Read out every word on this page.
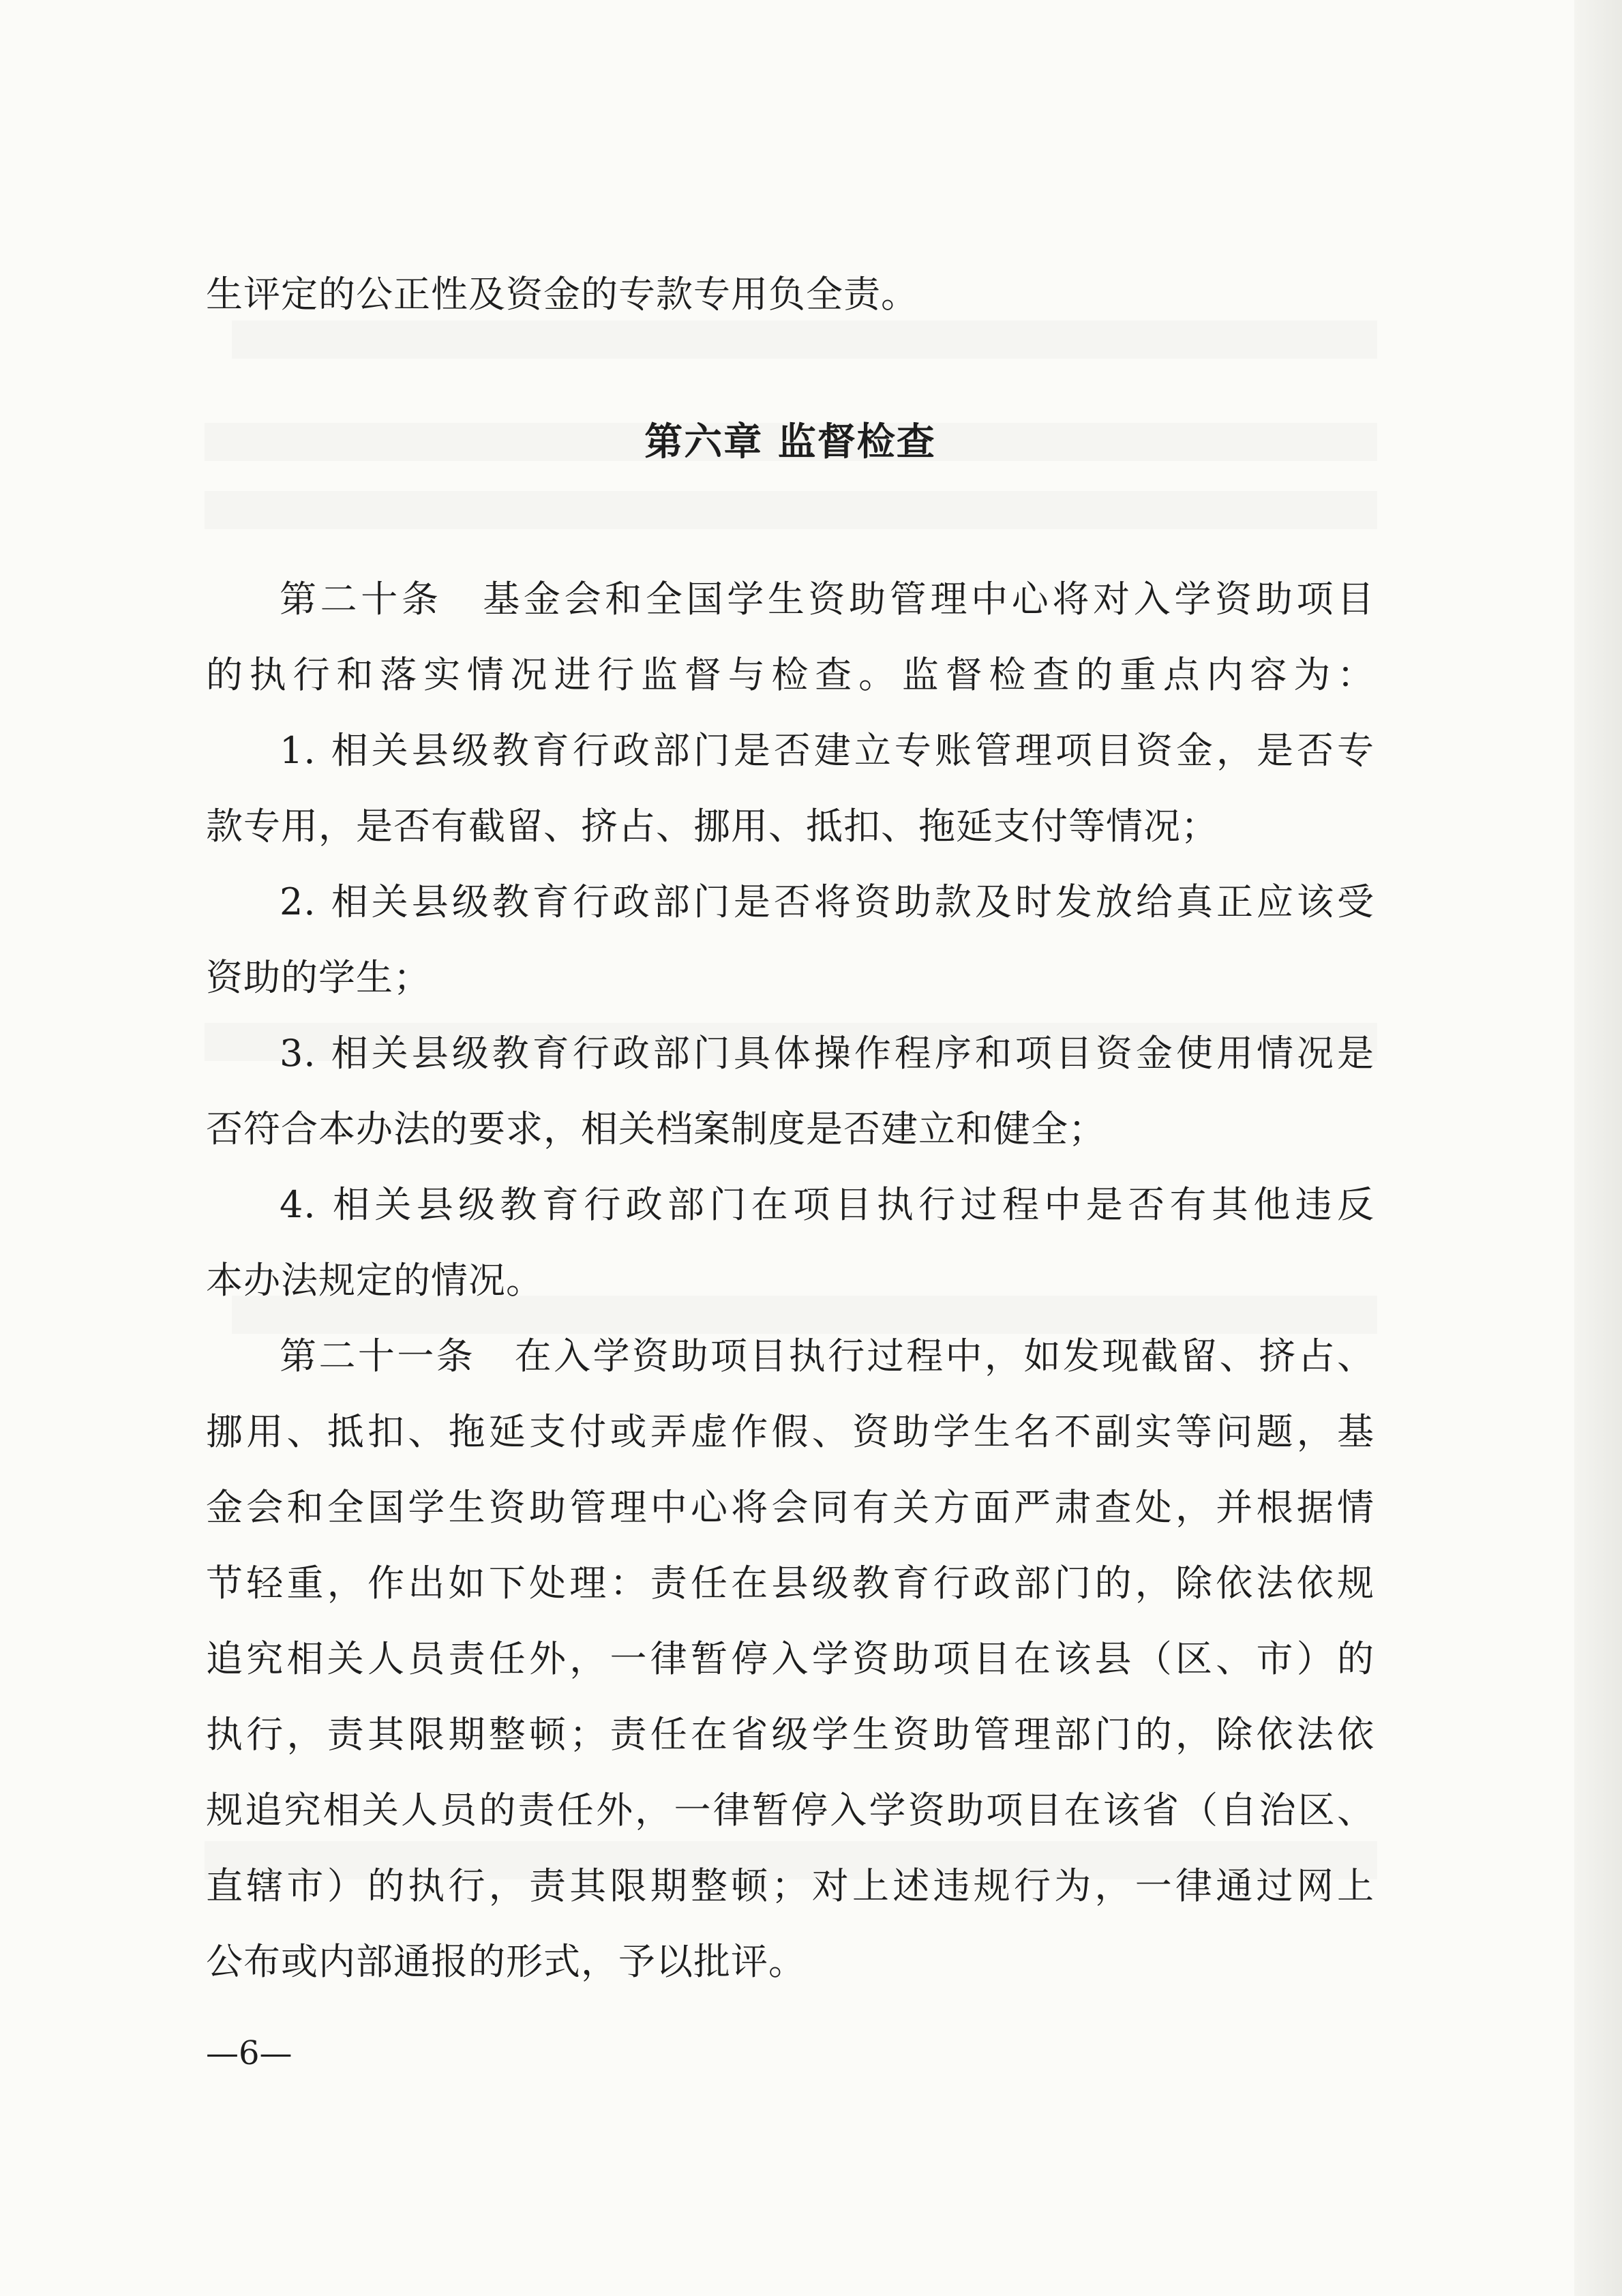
生评定的公正性及资金的专款专用负全责。
第六章 监督检查
第二十条　基金会和全国学生资助管理中心将对入学资助项目
的执行和落实情况进行监督与检查。监督检查的重点内容为：
1. 相关县级教育行政部门是否建立专账管理项目资金，是否专
款专用，是否有截留、挤占、挪用、抵扣、拖延支付等情况；
2. 相关县级教育行政部门是否将资助款及时发放给真正应该受
资助的学生；
3. 相关县级教育行政部门具体操作程序和项目资金使用情况是
否符合本办法的要求，相关档案制度是否建立和健全；
4. 相关县级教育行政部门在项目执行过程中是否有其他违反
本办法规定的情况。
第二十一条　在入学资助项目执行过程中，如发现截留、挤占、
挪用、抵扣、拖延支付或弄虚作假、资助学生名不副实等问题，基
金会和全国学生资助管理中心将会同有关方面严肃查处，并根据情
节轻重，作出如下处理：责任在县级教育行政部门的，除依法依规
追究相关人员责任外，一律暂停入学资助项目在该县（区、市）的
执行，责其限期整顿；责任在省级学生资助管理部门的，除依法依
规追究相关人员的责任外，一律暂停入学资助项目在该省（自治区、
直辖市）的执行，责其限期整顿；对上述违规行为，一律通过网上
公布或内部通报的形式，予以批评。
—6—
